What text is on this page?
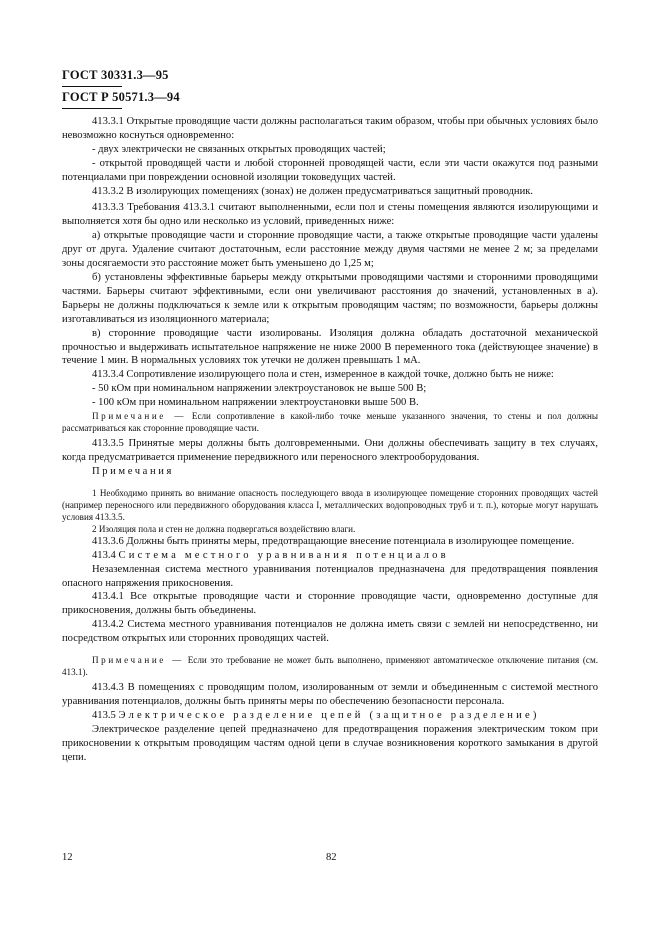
ГОСТ 30331.3—95
ГОСТ Р 50571.3—94

413.3.1 Открытые проводящие части должны располагаться таким образом, чтобы при обычных условиях было невозможно коснуться одновременно:

- двух электрически не связанных открытых проводящих частей;

- открытой проводящей части и любой сторонней проводящей части, если эти части окажутся под разными потенциалами при повреждении основной изоляции токоведущих частей.

413.3.2 В изолирующих помещениях (зонах) не должен предусматриваться защитный проводник.

413.3.3 Требования 413.3.1 считают выполненными, если пол и стены помещения являются изолирующими и выполняется хотя бы одно или несколько из условий, приведенных ниже:

а) открытые проводящие части и сторонние проводящие части, а также открытые проводящие части удалены друг от друга. Удаление считают достаточным, если расстояние между двумя частями не менее 2 м; за пределами зоны досягаемости это расстояние может быть уменьшено до 1,25 м;

б) установлены эффективные барьеры между открытыми проводящими частями и сторонними проводящими частями. Барьеры считают эффективными, если они увеличивают расстояния до значений, установленных в а). Барьеры не должны подключаться к земле или к открытым проводящим частям; по возможности, барьеры должны изготавливаться из изоляционного материала;

в) сторонние проводящие части изолированы. Изоляция должна обладать достаточной механической прочностью и выдерживать испытательное напряжение не ниже 2000 В переменного тока (действующее значение) в течение 1 мин. В нормальных условиях ток утечки не должен превышать 1 мА.

413.3.4 Сопротивление изолирующего пола и стен, измеренное в каждой точке, должно быть не ниже:

- 50 кОм при номинальном напряжении электроустановок не выше 500 В;

- 100 кОм при номинальном напряжении электроустановки выше 500 В.

Примечание — Если сопротивление в какой-либо точке меньше указанного значения, то стены и пол должны рассматриваться как сторонние проводящие части.

413.3.5 Принятые меры должны быть долговременными. Они должны обеспечивать защиту в тех случаях, когда предусматривается применение передвижного или переносного электрооборудования.

Примечания

1 Необходимо принять во внимание опасность последующего ввода в изолирующее помещение сторонних проводящих частей (например переносного или передвижного оборудования класса I, металлических водопроводных труб и т. п.), которые могут нарушать условия 413.3.5.

2 Изоляция пола и стен не должна подвергаться воздействию влаги.

413.3.6 Должны быть приняты меры, предотвращающие внесение потенциала в изолирующее помещение.

413.4 Система местного уравнивания потенциалов

Незаземленная система местного уравнивания потенциалов предназначена для предотвращения появления опасного напряжения прикосновения.

413.4.1 Все открытые проводящие части и сторонние проводящие части, одновременно доступные для прикосновения, должны быть объединены.

413.4.2 Система местного уравнивания потенциалов не должна иметь связи с землей ни непосредственно, ни посредством открытых или сторонних проводящих частей.

Примечание — Если это требование не может быть выполнено, применяют автоматическое отключение питания (см. 413.1).

413.4.3 В помещениях с проводящим полом, изолированным от земли и объединенным с системой местного уравнивания потенциалов, должны быть приняты меры по обеспечению безопасности персонала.

413.5 Электрическое разделение цепей (защитное разделение)

Электрическое разделение цепей предназначено для предотвращения поражения электрическим током при прикосновении к открытым проводящим частям одной цепи в случае возникновения короткого замыкания в другой цепи.

12	82
